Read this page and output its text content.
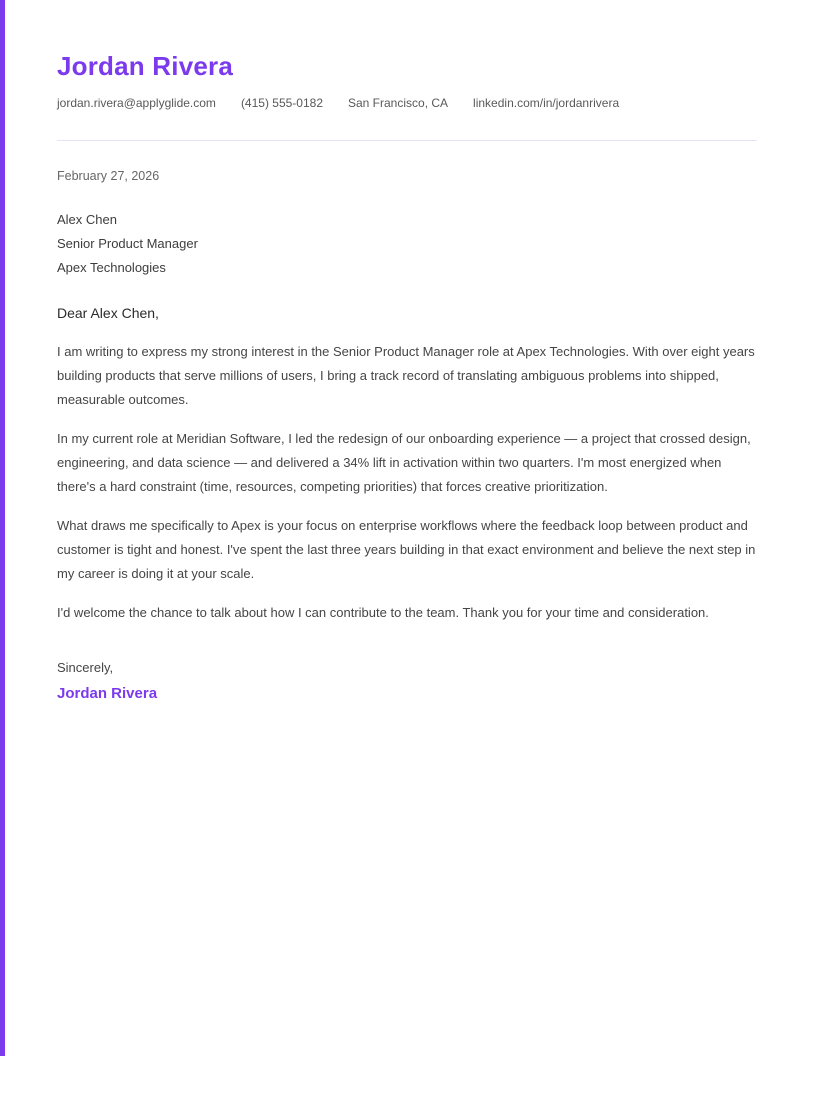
Jordan Rivera
jordan.rivera@applyglide.com (415) 555-0182 San Francisco, CA linkedin.com/in/jordanrivera
February 27, 2026
Alex Chen
Senior Product Manager
Apex Technologies
Dear Alex Chen,

I am writing to express my strong interest in the Senior Product Manager role at Apex Technologies. With over eight years building products that serve millions of users, I bring a track record of translating ambiguous problems into shipped, measurable outcomes.

In my current role at Meridian Software, I led the redesign of our onboarding experience — a project that crossed design, engineering, and data science — and delivered a 34% lift in activation within two quarters. I'm most energized when there's a hard constraint (time, resources, competing priorities) that forces creative prioritization.

What draws me specifically to Apex is your focus on enterprise workflows where the feedback loop between product and customer is tight and honest. I've spent the last three years building in that exact environment and believe the next step in my career is doing it at your scale.

I'd welcome the chance to talk about how I can contribute to the team. Thank you for your time and consideration.

Sincerely,
Jordan Rivera
